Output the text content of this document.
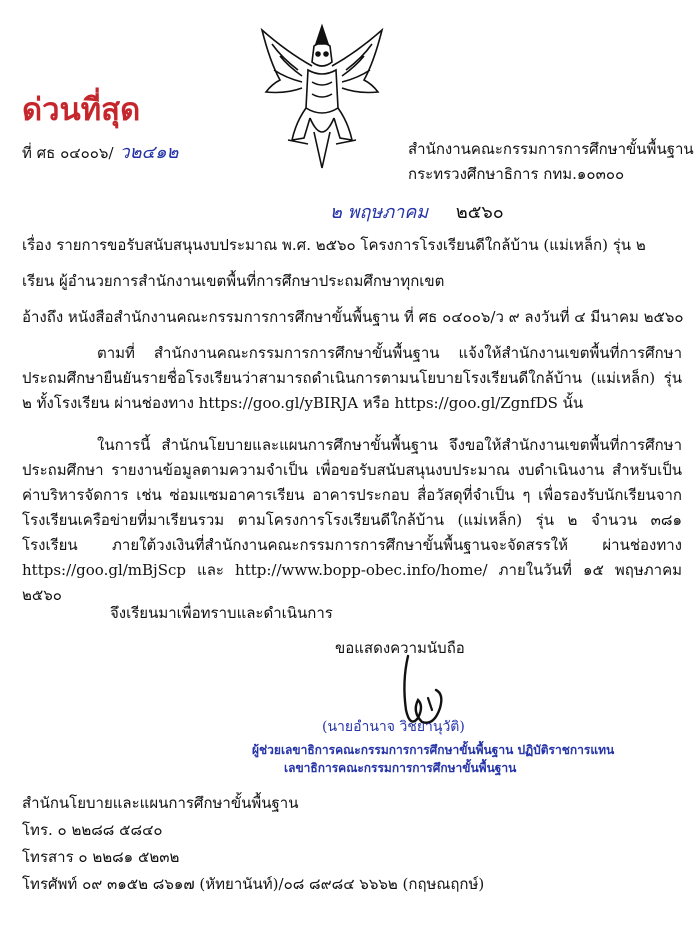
ด่วนที่สุด
ที่ ศธ ๐๔๐๐๖/ ว๒๔๑๒	สำนักงานคณะกรรมการการศึกษาขั้นพื้นฐาน
กระทรวงศึกษาธิการ กทม.๑๐๓๐๐
๒ พฤษภาคม ๒๕๖๐
เรื่อง รายการขอรับสนับสนุนงบประมาณ พ.ศ. ๒๕๖๐ โครงการโรงเรียนดีใกล้บ้าน (แม่เหล็ก) รุ่น ๒
เรียน ผู้อำนวยการสำนักงานเขตพื้นที่การศึกษาประถมศึกษาทุกเขต
อ้างถึง หนังสือสำนักงานคณะกรรมการการศึกษาขั้นพื้นฐาน ที่ ศธ ๐๔๐๐๖/ว ๙ ลงวันที่ ๔ มีนาคม ๒๕๖๐
ตามที่ สำนักงานคณะกรรมการการศึกษาขั้นพื้นฐาน แจ้งให้สำนักงานเขตพื้นที่การศึกษาประถมศึกษายืนยันรายชื่อโรงเรียนว่าสามารถดำเนินการตามนโยบายโรงเรียนดีใกล้บ้าน (แม่เหล็ก) รุ่น ๒ ทั้งโรงเรียน ผ่านช่องทาง https://goo.gl/yBIRJA หรือ https://goo.gl/ZgnfDS นั้น
ในการนี้ สำนักนโยบายและแผนการศึกษาขั้นพื้นฐาน จึงขอให้สำนักงานเขตพื้นที่การศึกษาประถมศึกษา รายงานข้อมูลตามความจำเป็น เพื่อขอรับสนับสนุนงบประมาณ งบดำเนินงาน สำหรับเป็นค่าบริหารจัดการ เช่น ซ่อมแซมอาคารเรียน อาคารประกอบ สื่อวัสดุที่จำเป็น ๆ เพื่อรองรับนักเรียนจากโรงเรียนเครือข่ายที่มาเรียนรวม ตามโครงการโรงเรียนดีใกล้บ้าน (แม่เหล็ก) รุ่น ๒ จำนวน ๓๘๑ โรงเรียน ภายใต้วงเงินที่สำนักงานคณะกรรมการการศึกษาขั้นพื้นฐานจะจัดสรรให้ ผ่านช่องทาง https://goo.gl/mBjScp และ http://www.bopp-obec.info/home/ ภายในวันที่ ๑๕ พฤษภาคม ๒๕๖๐
จึงเรียนมาเพื่อทราบและดำเนินการ
ขอแสดงความนับถือ
(นายอำนาจ วิชยานุวัติ)
ผู้ช่วยเลขาธิการคณะกรรมการการศึกษาขั้นพื้นฐาน ปฏิบัติราชการแทน
เลขาธิการคณะกรรมการการศึกษาขั้นพื้นฐาน
สำนักนโยบายและแผนการศึกษาขั้นพื้นฐาน
โทร. ๐ ๒๒๘๘ ๕๘๔๐
โทรสาร ๐ ๒๒๘๑ ๕๒๓๒
โทรศัพท์ ๐๙ ๓๑๕๒ ๘๖๑๗ (หัทยานันท์)/๐๘ ๘๙๘๔ ๖๖๖๒ (กฤษณฤกษ์)
